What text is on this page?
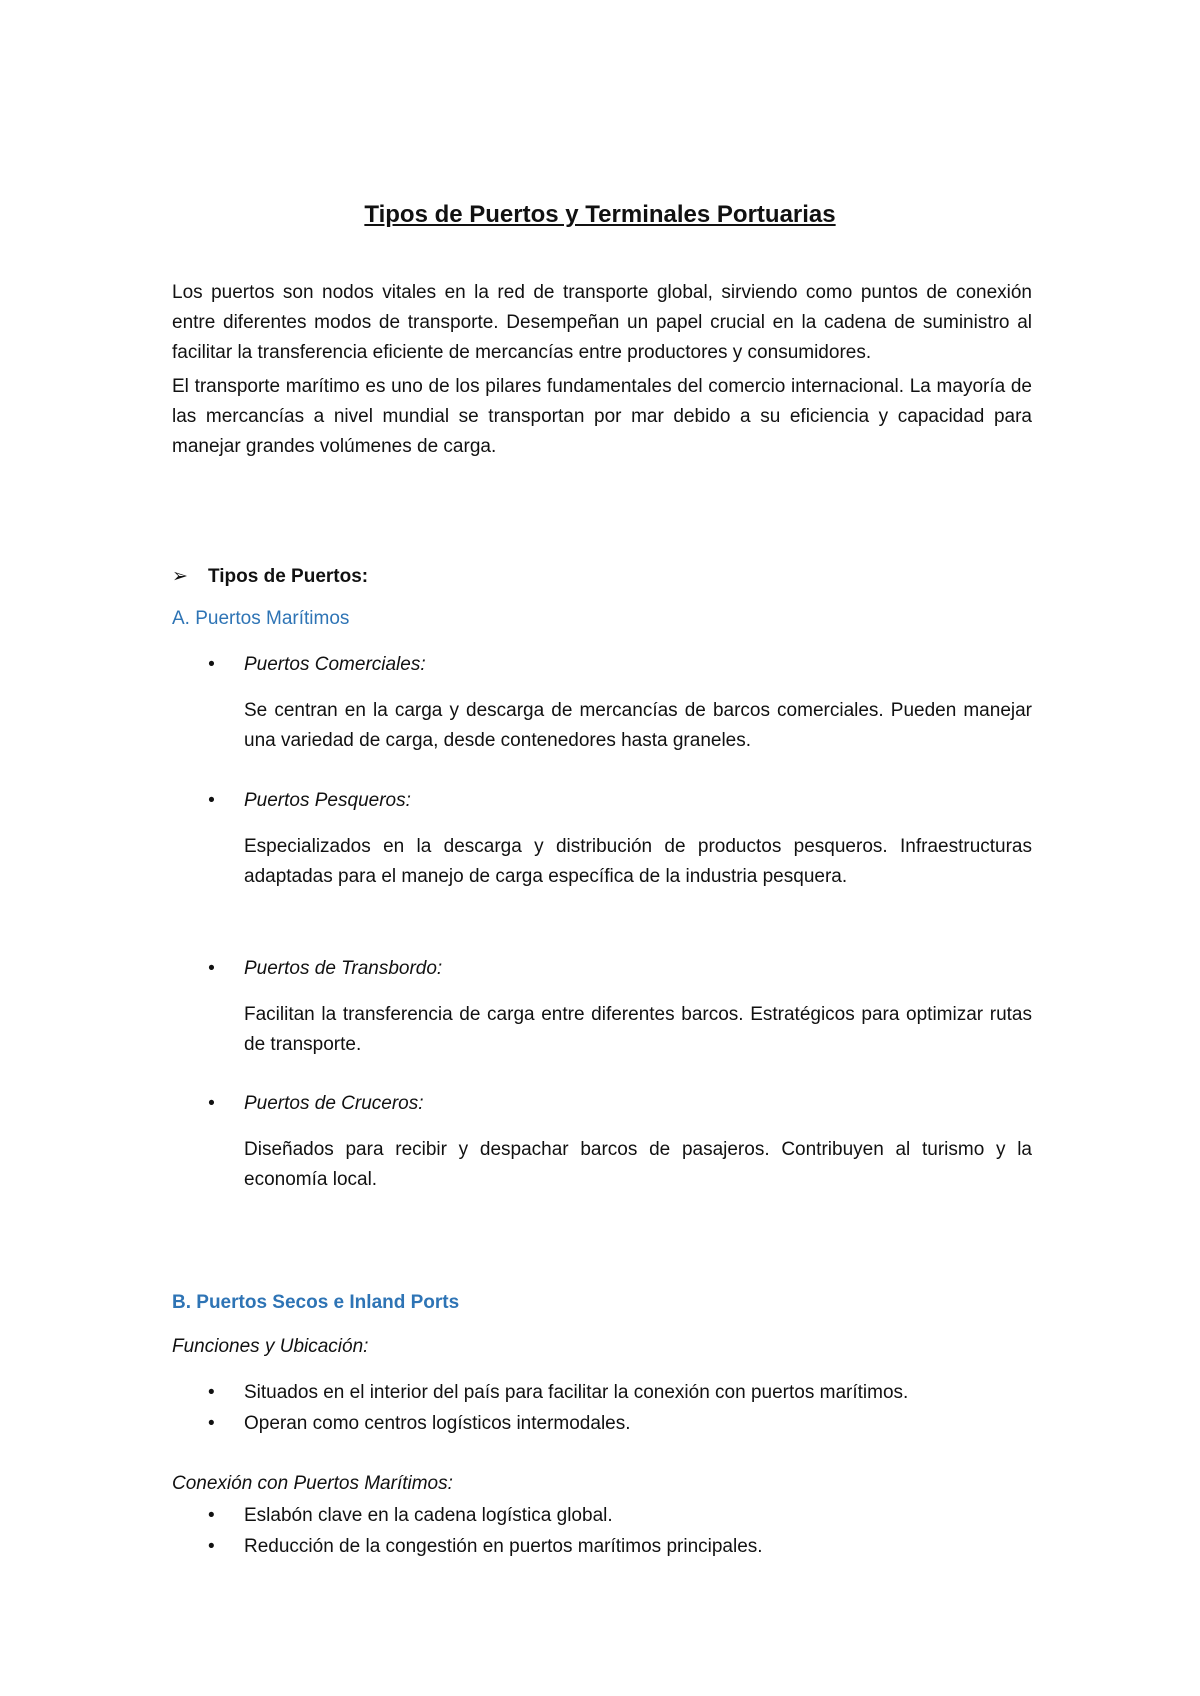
Tipos de Puertos y Terminales Portuarias
Los puertos son nodos vitales en la red de transporte global, sirviendo como puntos de conexión entre diferentes modos de transporte. Desempeñan un papel crucial en la cadena de suministro al facilitar la transferencia eficiente de mercancías entre productores y consumidores.
El transporte marítimo es uno de los pilares fundamentales del comercio internacional. La mayoría de las mercancías a nivel mundial se transportan por mar debido a su eficiencia y capacidad para manejar grandes volúmenes de carga.
➢ Tipos de Puertos:
A. Puertos Marítimos
•	Puertos Comerciales:
Se centran en la carga y descarga de mercancías de barcos comerciales. Pueden manejar una variedad de carga, desde contenedores hasta graneles.
•	Puertos Pesqueros:
Especializados en la descarga y distribución de productos pesqueros. Infraestructuras adaptadas para el manejo de carga específica de la industria pesquera.
•	Puertos de Transbordo:
Facilitan la transferencia de carga entre diferentes barcos. Estratégicos para optimizar rutas de transporte.
•	Puertos de Cruceros:
Diseñados para recibir y despachar barcos de pasajeros. Contribuyen al turismo y la economía local.
B. Puertos Secos e Inland Ports
Funciones y Ubicación:
•	Situados en el interior del país para facilitar la conexión con puertos marítimos.
•	Operan como centros logísticos intermodales.
Conexión con Puertos Marítimos:
•	Eslabón clave en la cadena logística global.
•	Reducción de la congestión en puertos marítimos principales.
